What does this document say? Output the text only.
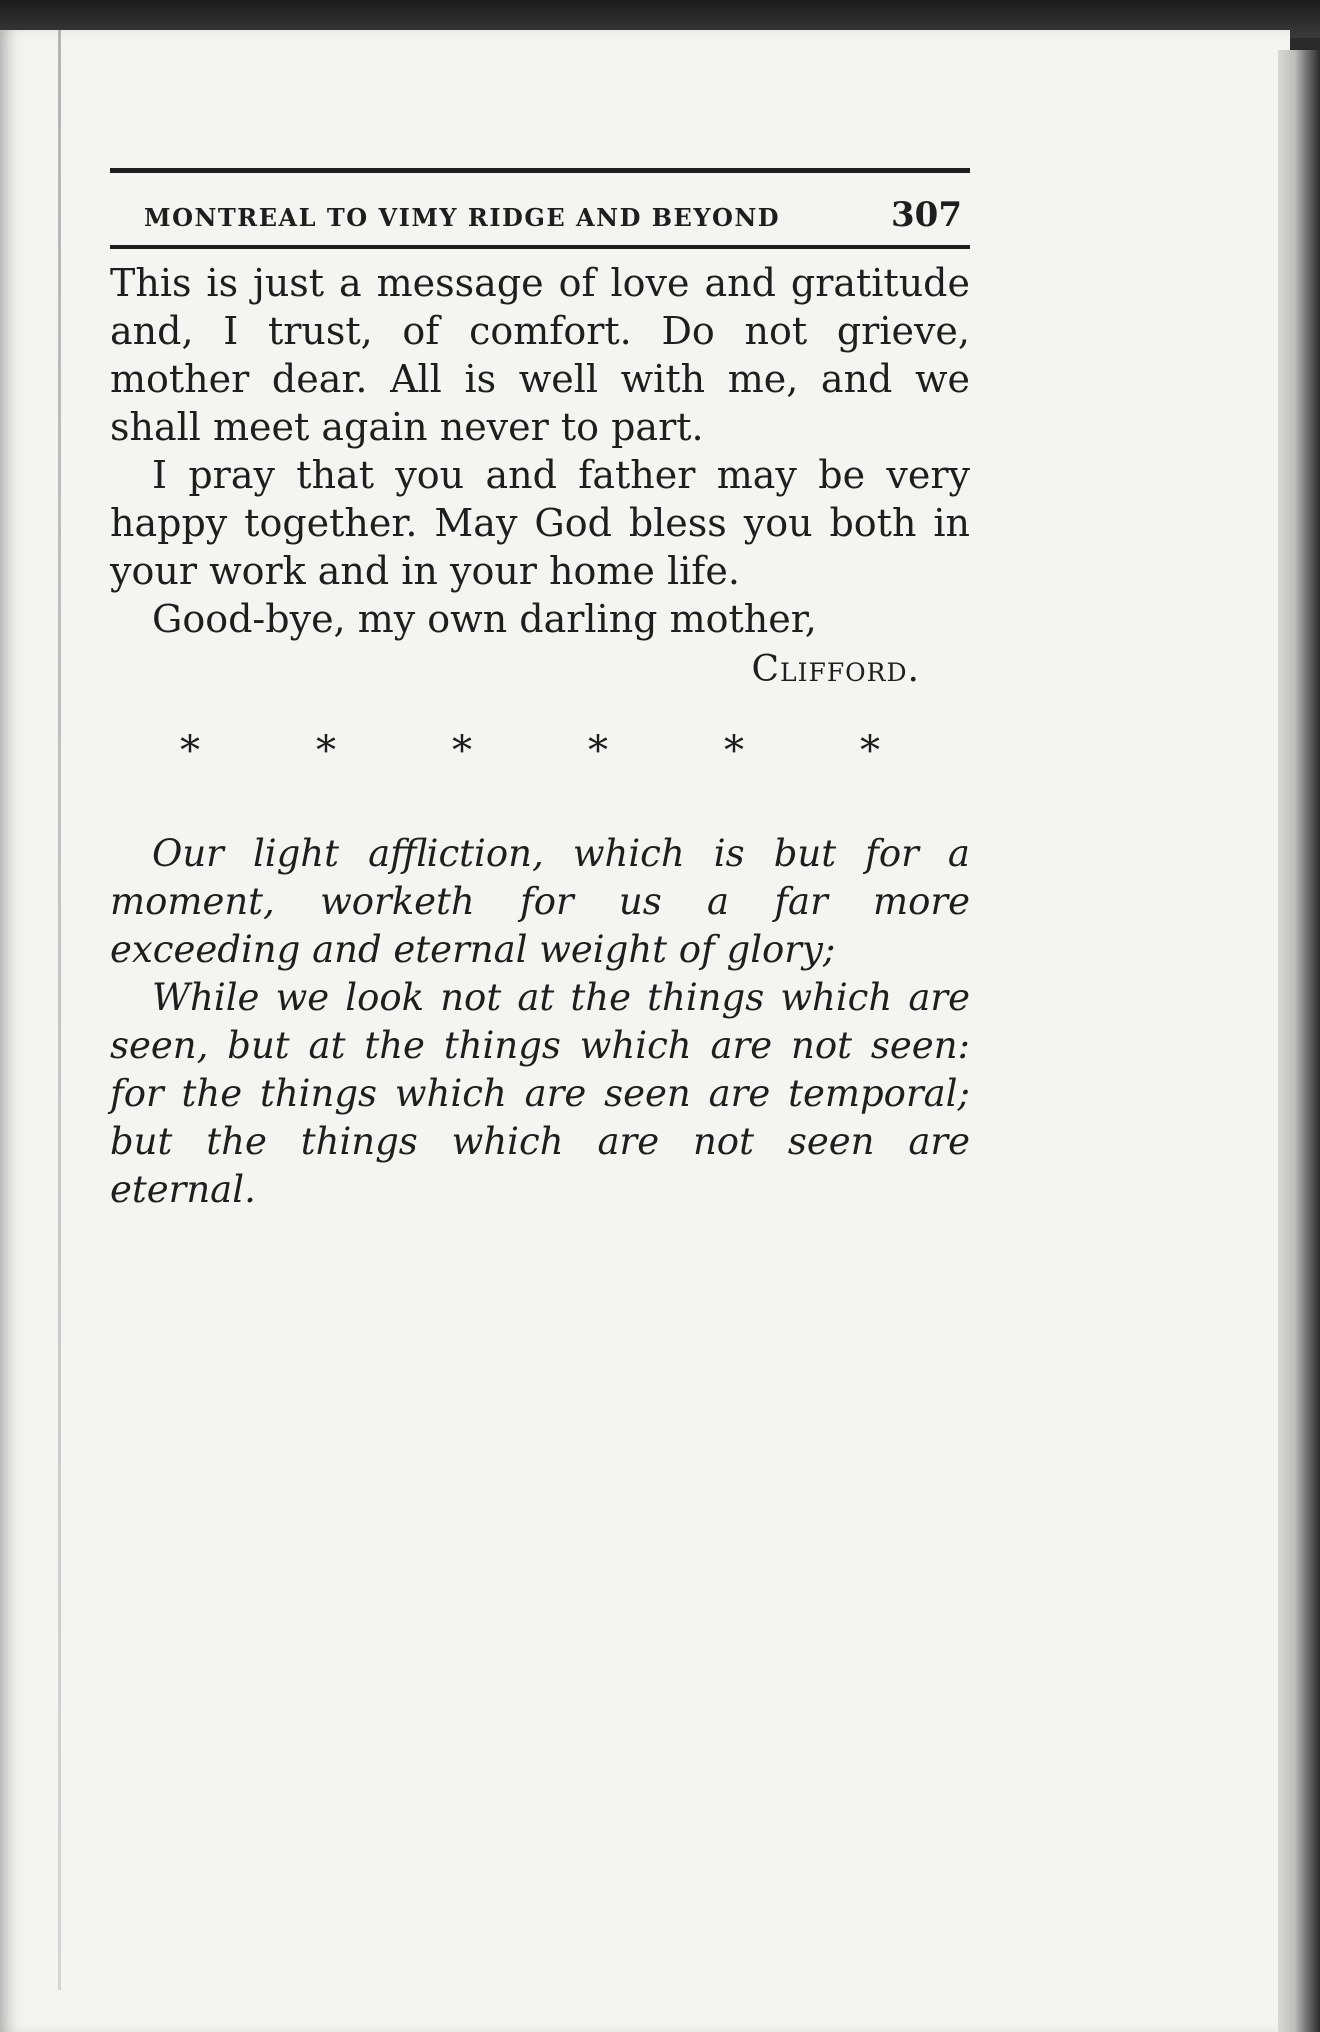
MONTREAL TO VIMY RIDGE AND BEYOND	307

This is just a message of love and gratitude and, I trust, of comfort. Do not grieve, mother dear. All is well with me, and we shall meet again never to part.

I pray that you and father may be very happy together. May God bless you both in your work and in your home life.

Good-bye, my own darling mother,

Clifford.
*	*	*	*	*	*

Our light affliction, which is but for a moment, worketh for us a far more exceeding and eternal weight of glory;

While we look not at the things which are seen, but at the things which are not seen: for the things which are seen are temporal; but the things which are not seen are eternal.
